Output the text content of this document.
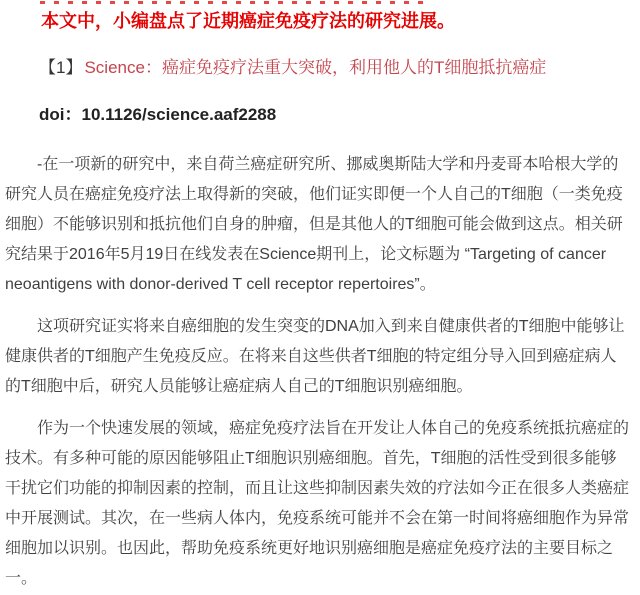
本文中，小编盘点了近期癌症免疫疗法的研究进展。

【1】 Science：癌症免疫疗法重大突破，利用他人的T细胞抵抗癌症

doi：10.1126/science.aaf2288

-在一项新的研究中，来自荷兰癌症研究所、挪威奥斯陆大学和丹麦哥本哈根大学的研究人员在癌症免疫疗法上取得新的突破，他们证实即便一个人自己的T细胞（一类免疫细胞）不能够识别和抵抗他们自身的肿瘤，但是其他人的T细胞可能会做到这点。相关研究结果于2016年5月19日在线发表在Science期刊上，论文标题为 “Targeting of cancer neoantigens with donor-derived T cell receptor repertoires”。

这项研究证实将来自癌细胞的发生突变的DNA加入到来自健康供者的T细胞中能够让健康供者的T细胞产生免疫反应。在将来自这些供者T细胞的特定组分导入回到癌症病人的T细胞中后，研究人员能够让癌症病人自己的T细胞识别癌细胞。

作为一个快速发展的领域，癌症免疫疗法旨在开发让人体自己的免疫系统抵抗癌症的技术。有多种可能的原因能够阻止T细胞识别癌细胞。首先，T细胞的活性受到很多能够干扰它们功能的抑制因素的控制，而且让这些抑制因素失效的疗法如今正在很多人类癌症中开展测试。其次，在一些病人体内，免疫系统可能并不会在第一时间将癌细胞作为异常细胞加以识别。也因此，帮助免疫系统更好地识别癌细胞是癌症免疫疗法的主要目标之一。
